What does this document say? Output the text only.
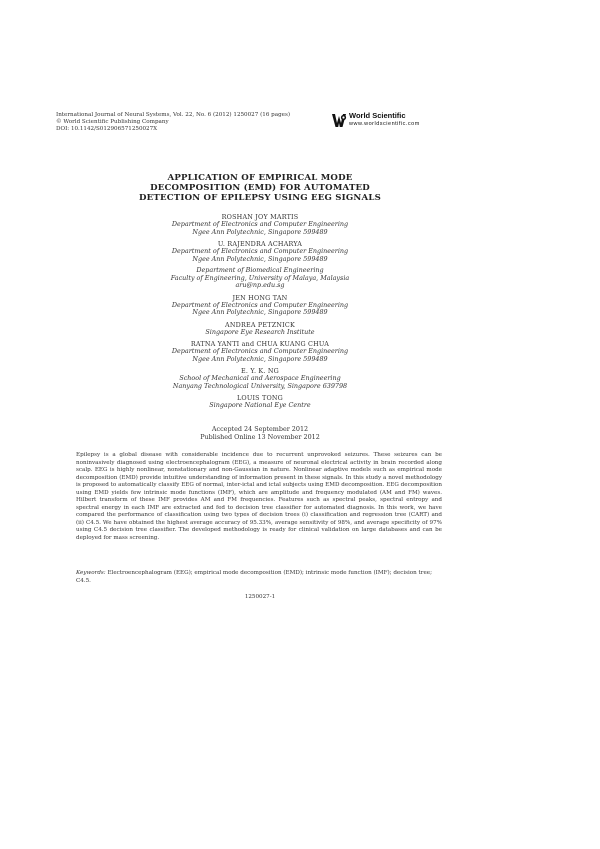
International Journal of Neural Systems, Vol. 22, No. 6 (2012) 1250027 (16 pages)
© World Scientific Publishing Company
DOI: 10.1142/S012906571250027X
World Scientific
www.worldscientific.com
APPLICATION OF EMPIRICAL MODE
DECOMPOSITION (EMD) FOR AUTOMATED
DETECTION OF EPILEPSY USING EEG SIGNALS
ROSHAN JOY MARTIS
Department of Electronics and Computer Engineering
Ngee Ann Polytechnic, Singapore 599489
U. RAJENDRA ACHARYA
Department of Electronics and Computer Engineering
Ngee Ann Polytechnic, Singapore 599489
Department of Biomedical Engineering
Faculty of Engineering, University of Malaya, Malaysia
aru@np.edu.sg
JEN HONG TAN
Department of Electronics and Computer Engineering
Ngee Ann Polytechnic, Singapore 599489
ANDREA PETZNICK
Singapore Eye Research Institute
RATNA YANTI and CHUA KUANG CHUA
Department of Electronics and Computer Engineering
Ngee Ann Polytechnic, Singapore 599489
E. Y. K. NG
School of Mechanical and Aerospace Engineering
Nanyang Technological University, Singapore 639798
LOUIS TONG
Singapore National Eye Centre
Accepted 24 September 2012
Published Online 13 November 2012

Epilepsy is a global disease with considerable incidence due to recurrent unprovoked seizures. These seizures can be noninvasively diagnosed using electroencephalogram (EEG), a measure of neuronal electrical activity in brain recorded along scalp. EEG is highly nonlinear, nonstationary and non-Gaussian in nature. Nonlinear adaptive models such as empirical mode decomposition (EMD) provide intuitive understanding of information present in these signals. In this study a novel methodology is proposed to automatically classify EEG of normal, inter-ictal and ictal subjects using EMD decomposition. EEG decomposition using EMD yields few intrinsic mode functions (IMF), which are amplitude and frequency modulated (AM and FM) waves. Hilbert transform of these IMF provides AM and FM frequencies. Features such as spectral peaks, spectral entropy and spectral energy in each IMF are extracted and fed to decision tree classifier for automated diagnosis. In this work, we have compared the performance of classification using two types of decision trees (i) classification and regression tree (CART) and (ii) C4.5. We have obtained the highest average accuracy of 95.33%, average sensitivity of 98%, and average specificity of 97% using C4.5 decision tree classifier. The developed methodology is ready for clinical validation on large databases and can be deployed for mass screening.

Keywords: Electroencephalogram (EEG); empirical mode decomposition (EMD); intrinsic mode function (IMF); decision tree; C4.5.
1250027-1
